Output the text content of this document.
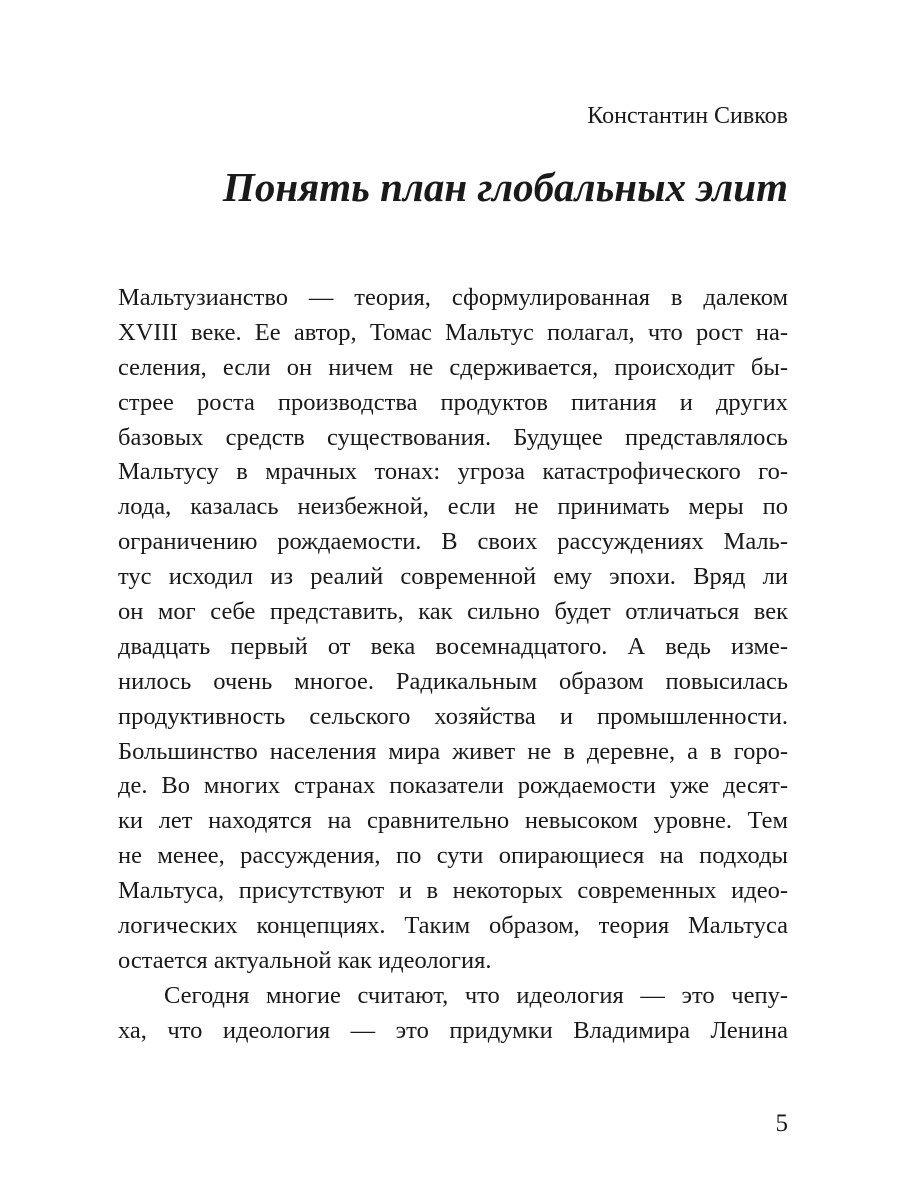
Константин Сивков

Понять план глобальных элит
Мальтузианство — теория, сформулированная в далеком
XVIII веке. Ее автор, Томас Мальтус полагал, что рост на-
селения, если он ничем не сдерживается, происходит бы-
стрее роста производства продуктов питания и других
базовых средств существования. Будущее представлялось
Мальтусу в мрачных тонах: угроза катастрофического го-
лода, казалась неизбежной, если не принимать меры по
ограничению рождаемости. В своих рассуждениях Маль-
тус исходил из реалий современной ему эпохи. Вряд ли
он мог себе представить, как сильно будет отличаться век
двадцать первый от века восемнадцатого. А ведь изме-
нилось очень многое. Радикальным образом повысилась
продуктивность сельского хозяйства и промышленности.
Большинство населения мира живет не в деревне, а в горо-
де. Во многих странах показатели рождаемости уже десят-
ки лет находятся на сравнительно невысоком уровне. Тем
не менее, рассуждения, по сути опирающиеся на подходы
Мальтуса, присутствуют и в некоторых современных идео-
логических концепциях. Таким образом, теория Мальтуса
остается актуальной как идеология.
Сегодня многие считают, что идеология — это чепу-
ха, что идеология — это придумки Владимира Ленина

5
